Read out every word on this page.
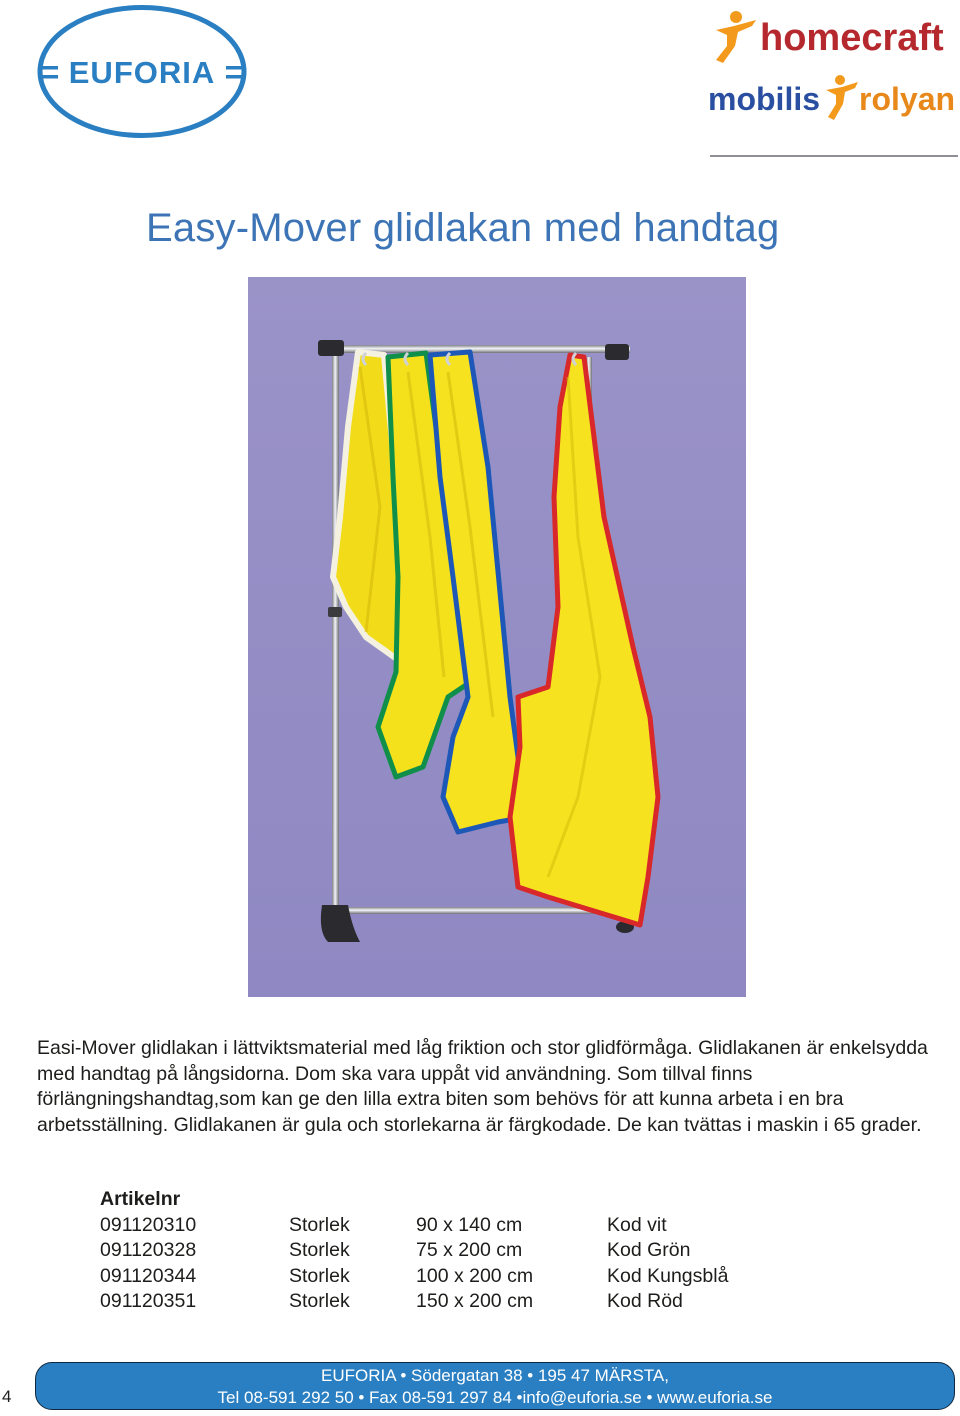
EUFORIA
homecraft
mobilis rolyan
Easy-Mover glidlakan med handtag

Easi-Mover glidlakan i lättviktsmaterial med låg friktion och stor glidförmåga. Glidlakanen är enkelsydda med handtag på långsidorna. Dom ska vara uppåt vid användning. Som tillval finns förlängningshandtag,som kan ge den lilla extra biten som behövs för att kunna arbeta i en bra arbetsställning. Glidlakanen är gula och storlekarna är färgkodade. De kan tvättas i maskin i 65 grader.

Artikelnr
091120310	Storlek	90 x 140 cm	Kod vit
091120328	Storlek	75 x 200 cm	Kod Grön
091120344	Storlek	100 x 200 cm	Kod Kungsblå
091120351	Storlek	150 x 200 cm	Kod Röd
4
EUFORIA • Södergatan 38 • 195 47 MÄRSTA,
Tel 08-591 292 50 • Fax 08-591 297 84 •info@euforia.se • www.euforia.se
